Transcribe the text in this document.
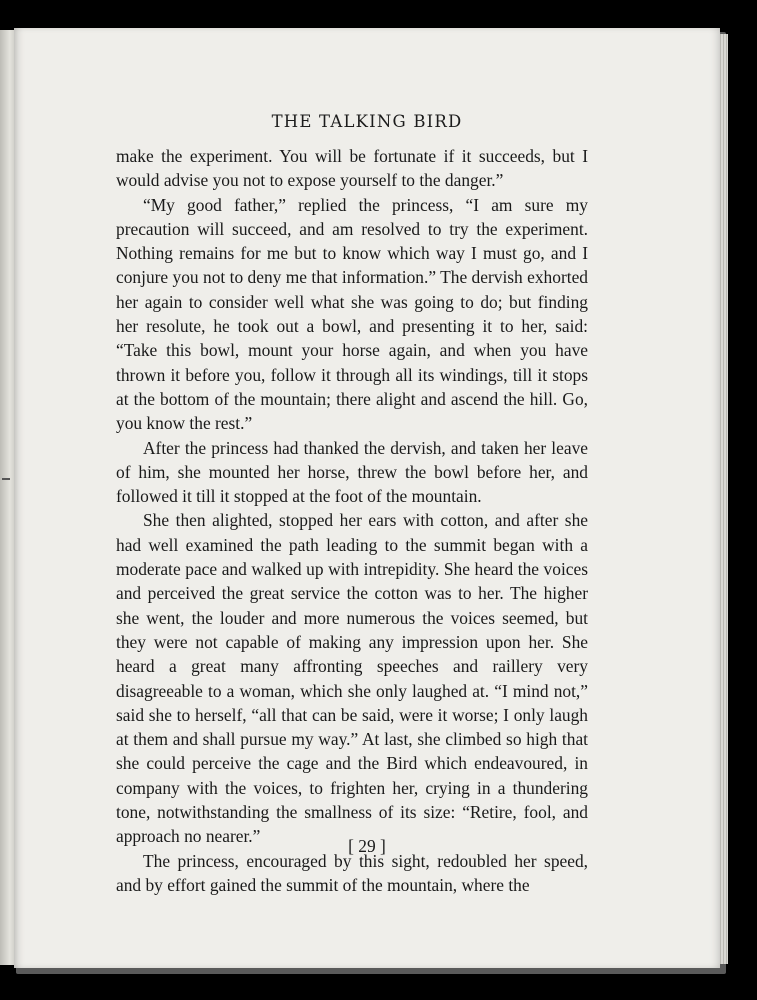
THE TALKING BIRD

make the experiment. You will be fortunate if it succeeds, but I would advise you not to expose yourself to the danger.”

“My good father,” replied the princess, “I am sure my precaution will succeed, and am resolved to try the experiment. Nothing remains for me but to know which way I must go, and I conjure you not to deny me that information.” The dervish exhorted her again to consider well what she was going to do; but finding her resolute, he took out a bowl, and presenting it to her, said: “Take this bowl, mount your horse again, and when you have thrown it before you, follow it through all its windings, till it stops at the bottom of the mountain; there alight and ascend the hill. Go, you know the rest.”

After the princess had thanked the dervish, and taken her leave of him, she mounted her horse, threw the bowl before her, and followed it till it stopped at the foot of the mountain.

She then alighted, stopped her ears with cotton, and after she had well examined the path leading to the summit began with a moderate pace and walked up with intrepidity. She heard the voices and perceived the great service the cotton was to her. The higher she went, the louder and more numerous the voices seemed, but they were not capable of making any impression upon her. She heard a great many affronting speeches and raillery very disagreeable to a woman, which she only laughed at. “I mind not,” said she to herself, “all that can be said, were it worse; I only laugh at them and shall pursue my way.” At last, she climbed so high that she could perceive the cage and the Bird which endeavoured, in company with the voices, to frighten her, crying in a thundering tone, notwithstanding the smallness of its size: “Retire, fool, and approach no nearer.”

The princess, encouraged by this sight, redoubled her speed, and by effort gained the summit of the mountain, where the

[ 29 ]
